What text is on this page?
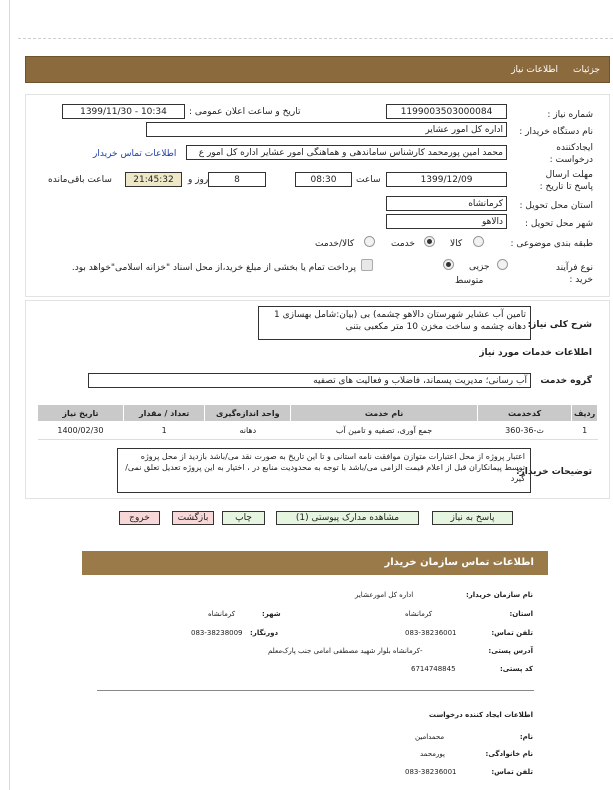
جزئیات
اطلاعات نیاز
شماره نیاز :
1199003503000084
تاریخ و ساعت اعلان عمومی :
1399/11/30 - 10:34
نام دستگاه خریدار :
اداره کل امور عشایر
ایجادکننده درخواست :
محمد امین پورمحمد کارشناس ساماندهی و هماهنگی امور عشایر اداره کل امور ع
اطلاعات تماس خریدار
مهلت ارسال پاسخ تا تاریخ :
1399/12/09
ساعت
08:30
8
روز و
21:45:32
ساعت باقی‌مانده
استان محل تحویل :
کرمانشاه
شهر محل تحویل :
دالاهو
طبقه بندی موضوعی :
کالا
خدمت
کالا/خدمت
نوع فرآیند خرید :
جزیی
متوسط
پرداخت تمام یا بخشی از مبلغ خرید،از محل اسناد "خزانه اسلامی"خواهد بود.
شرح کلی نیاز:
تامین آب عشایر شهرستان دالاهو چشمه) بی (بیان:شامل بهسازی 1 دهانه چشمه و ساخت مخزن 10 متر مکعبی بتنی
اطلاعات خدمات مورد نیاز
گروه خدمت
آب رسانی؛ مدیریت پسماند، فاضلاب و فعالیت های تصفیه
ردیف	کدخدمت	نام خدمت	واحد اندازه‌گیری	تعداد / مقدار	تاریخ نیاز
1	ث-36-360	جمع آوری، تصفیه و تامین آب	دهانه	1	1400/02/30
توضیحات خریدار:
اعتبار پروژه از محل اعتبارات متوازن موافقت نامه استانی و تا این تاریخ به صورت نقد می/باشد بازدید از محل پروژه توسط پیمانکاران قبل از اعلام قیمت الزامی می/باشد با توجه به محدودیت منابع در ، اختیار به این پروژه تعدیل تعلق نمی/گیرد
پاسخ به نیاز
مشاهده مدارک پیوستی (1)
چاپ
بازگشت
خروج
اطلاعات تماس سازمان خریدار
نام سازمان خریدار:
اداره کل امورعشایر
استان:
کرمانشاه
شهر:
کرمانشاه
تلفن تماس:
083-38236001
دورنگار:
083-38238009
آدرس پستی:
-کرمانشاه بلوار شهید مصطفی امامی جنب پارک‌معلم
کد پستی:
6714748845
اطلاعات ایجاد کننده درخواست
نام:
محمدامین
نام خانوادگی:
پورمحمد
تلفن تماس:
083-38236001
